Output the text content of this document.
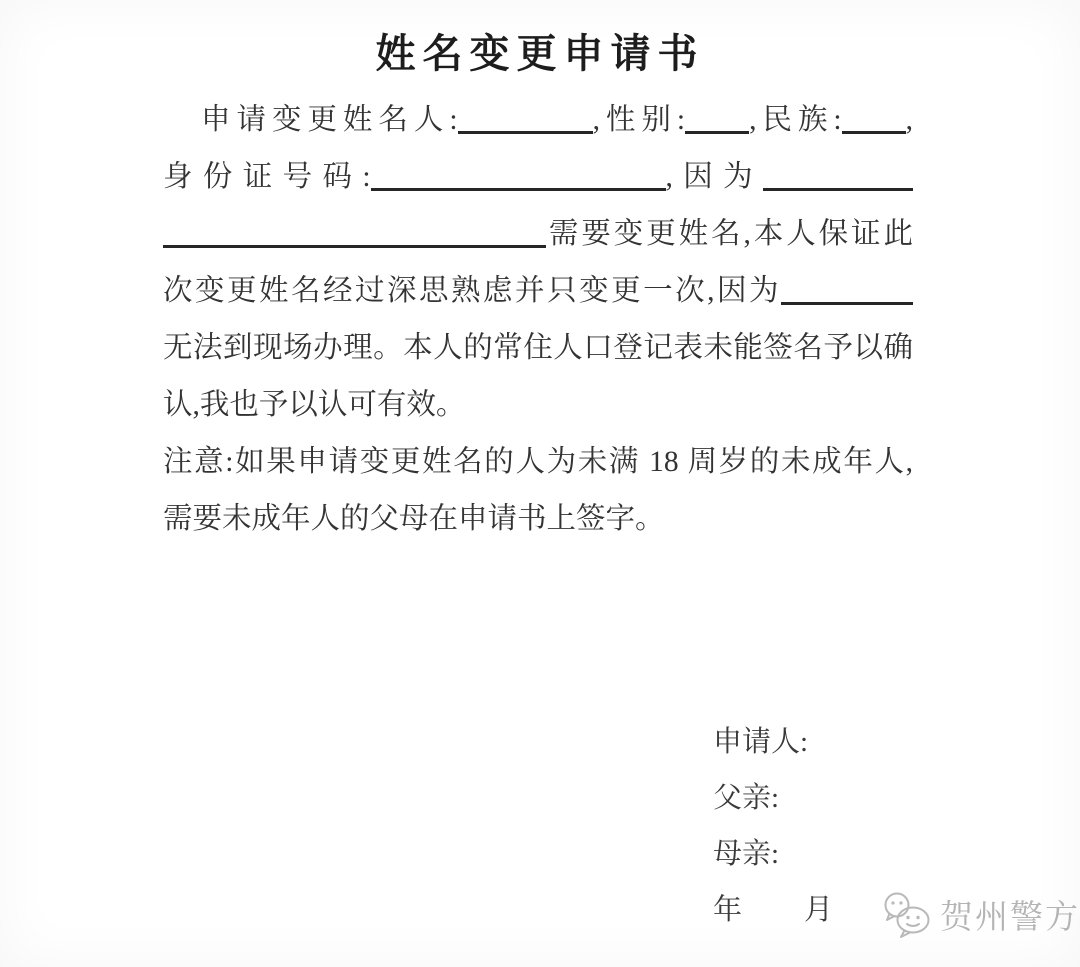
姓名变更申请书
申请变更姓名人:	,性别: ,民族: ,
身份证号码:	,因为
需要变更姓名,本人保证此
次变更姓名经过深思熟虑并只变更一次,因为
无法到现场办理。本人的常住人口登记表未能签名予以确
认,我也予以认可有效。
注意:如果申请变更姓名的人为未满 18 周岁的未成年人,
需要未成年人的父母在申请书上签字。
申请人:
父亲:
母亲:
年 月	贺州警方
